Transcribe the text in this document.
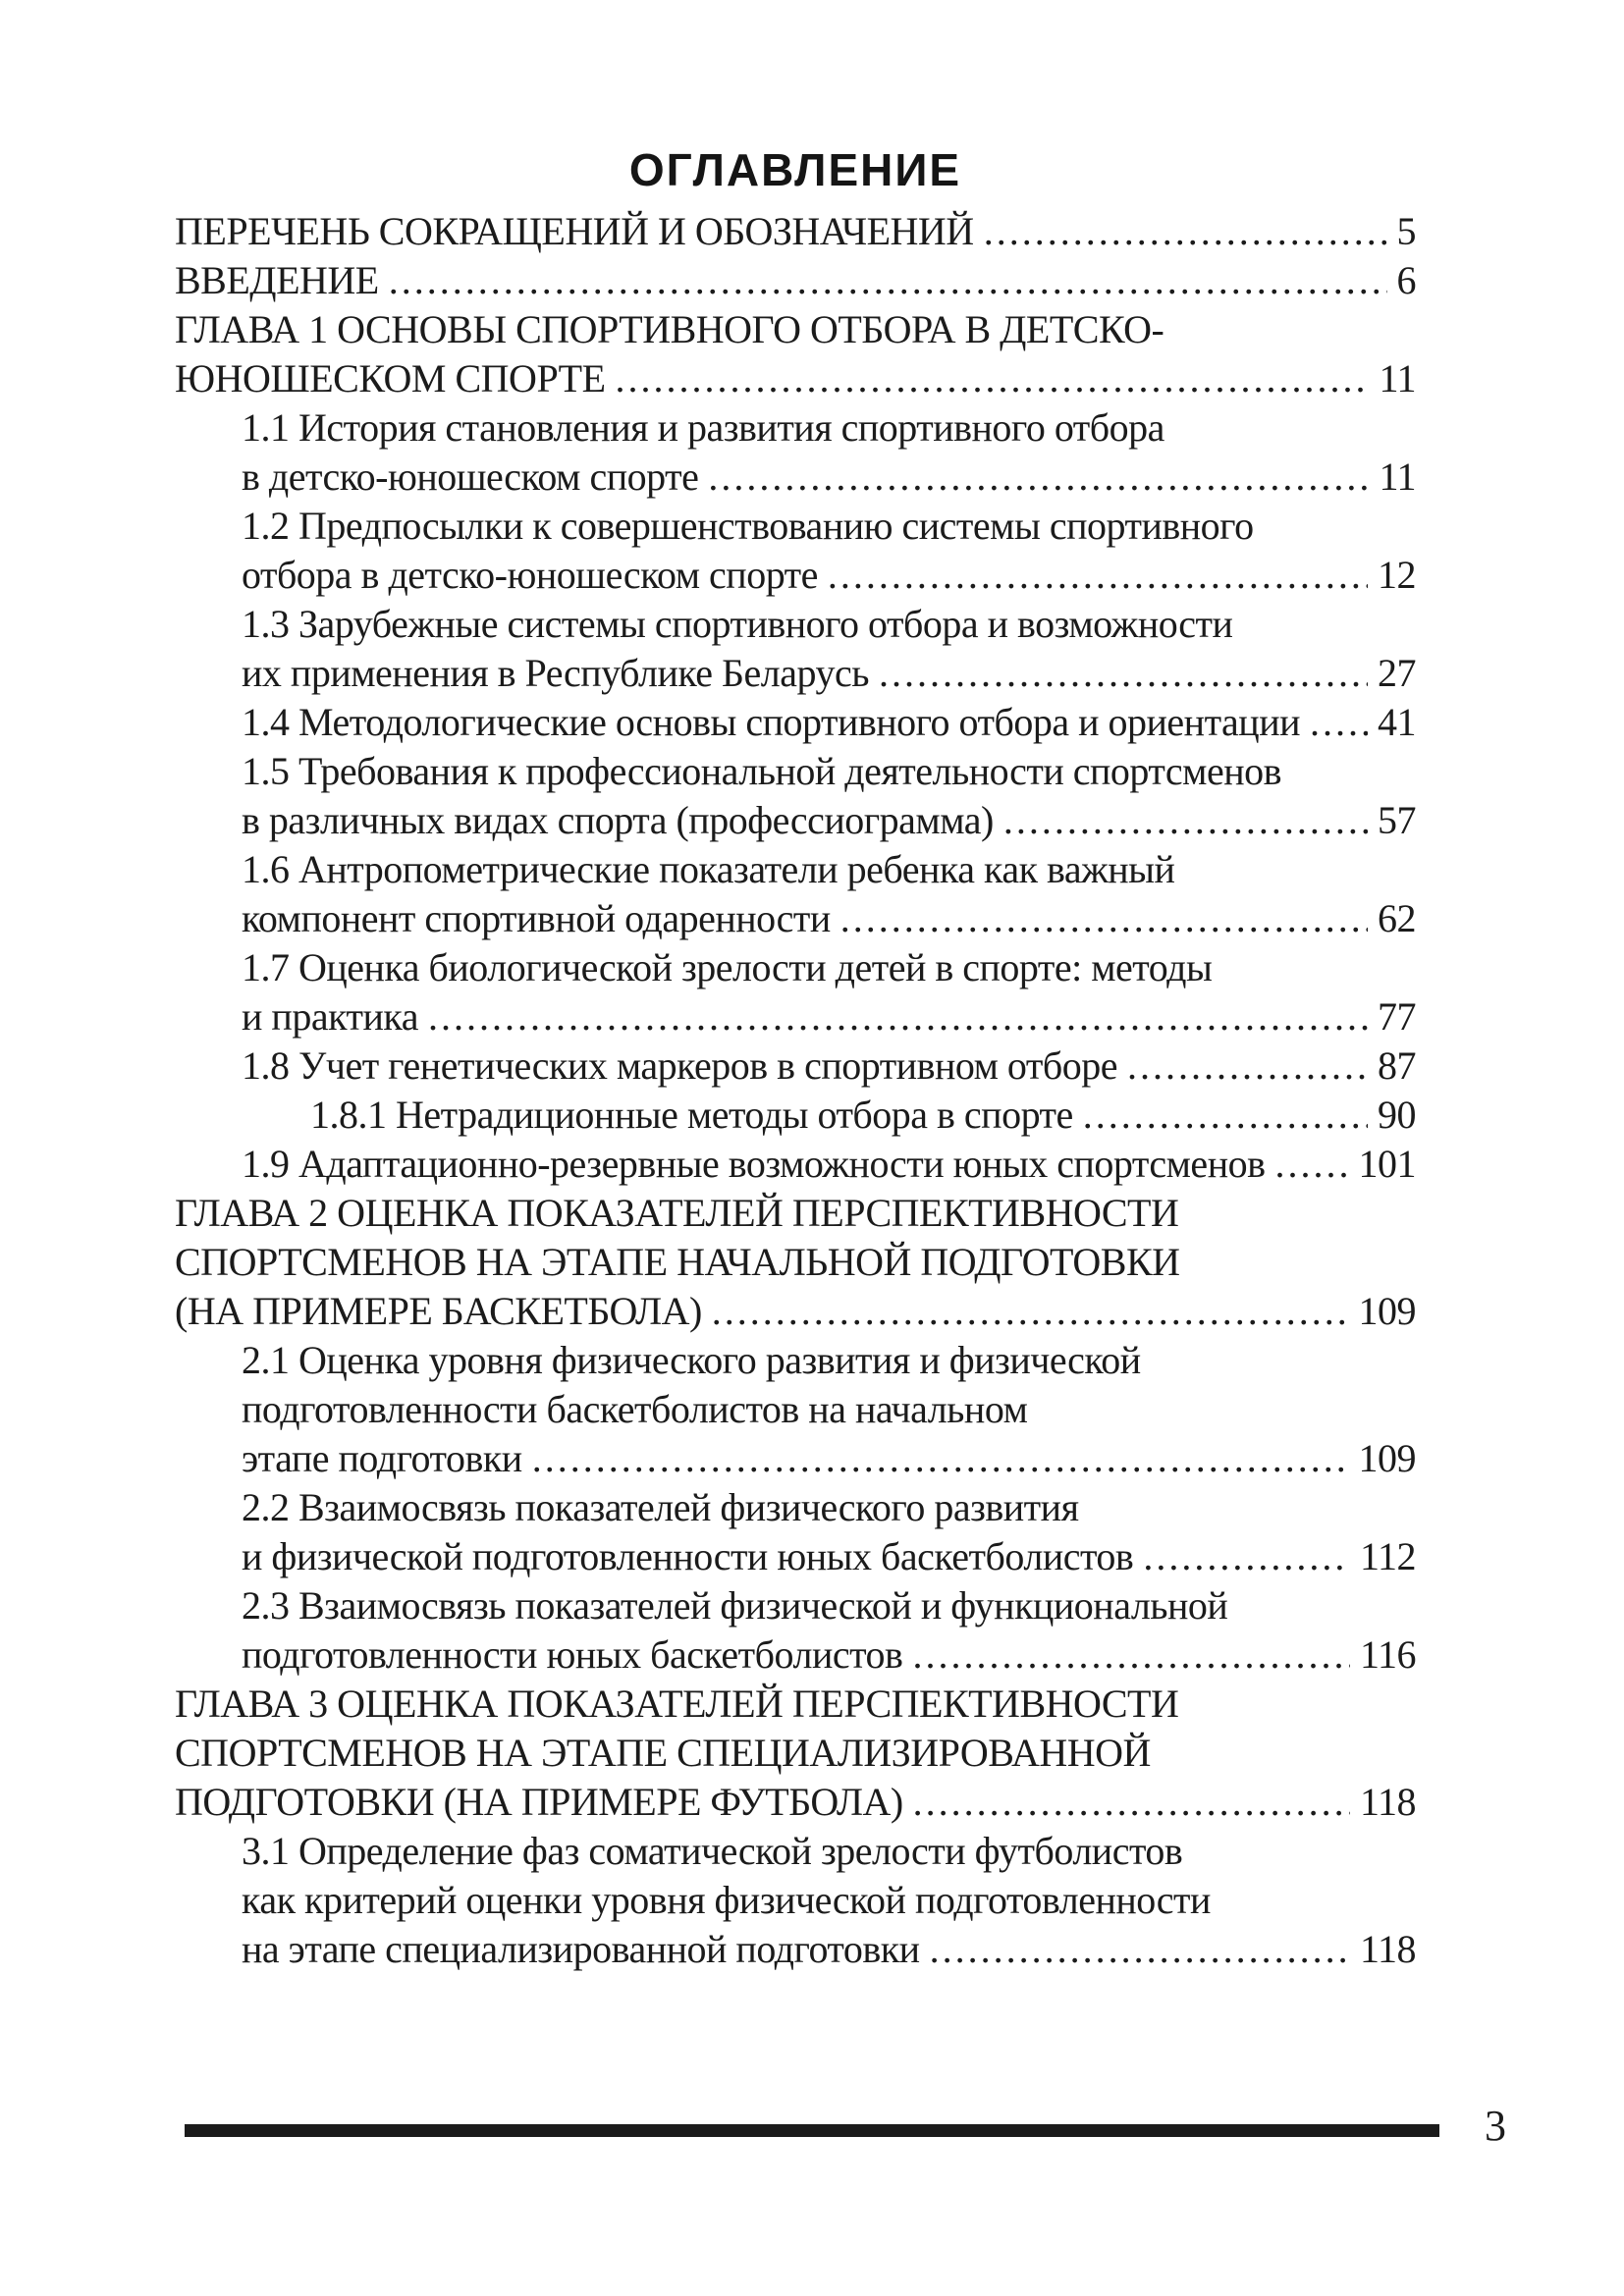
ОГЛАВЛЕНИЕ
ПЕРЕЧЕНЬ СОКРАЩЕНИЙ И ОБОЗНАЧЕНИЙ .....	5
ВВЕДЕНИЕ .....	6
ГЛАВА 1 ОСНОВЫ СПОРТИВНОГО ОТБОРА В ДЕТСКО-
ЮНОШЕСКОМ СПОРТЕ .....	11
1.1 История становления и развития спортивного отбора
в детско-юношеском спорте .....	11
1.2 Предпосылки к совершенствованию системы спортивного
отбора в детско-юношеском спорте .....	12
1.3 Зарубежные системы спортивного отбора и возможности
их применения в Республике Беларусь .....	27
1.4 Методологические основы спортивного отбора и ориентации ..... 41
1.5 Требования к профессиональной деятельности спортсменов
в различных видах спорта (профессиограмма) .....	57
1.6 Антропометрические показатели ребенка как важный
компонент спортивной одаренности .....	62
1.7 Оценка биологической зрелости детей в спорте: методы
и практика .....	77
1.8 Учет генетических маркеров в спортивном отборе .....	87
1.8.1 Нетрадиционные методы отбора в спорте .....	90
1.9 Адаптационно-резервные возможности юных спортсменов ..... 101
ГЛАВА 2 ОЦЕНКА ПОКАЗАТЕЛЕЙ ПЕРСПЕКТИВНОСТИ
СПОРТСМЕНОВ НА ЭТАПЕ НАЧАЛЬНОЙ ПОДГОТОВКИ
(НА ПРИМЕРЕ БАСКЕТБОЛА) .....	109
2.1 Оценка уровня физического развития и физической
подготовленности баскетболистов на начальном
этапе подготовки .....	109
2.2 Взаимосвязь показателей физического развития
и физической подготовленности юных баскетболистов .....	112
2.3 Взаимосвязь показателей физической и функциональной
подготовленности юных баскетболистов .....	116
ГЛАВА 3 ОЦЕНКА ПОКАЗАТЕЛЕЙ ПЕРСПЕКТИВНОСТИ
СПОРТСМЕНОВ НА ЭТАПЕ СПЕЦИАЛИЗИРОВАННОЙ
ПОДГОТОВКИ (НА ПРИМЕРЕ ФУТБОЛА) .....	118
3.1 Определение фаз соматической зрелости футболистов
как критерий оценки уровня физической подготовленности
на этапе специализированной подготовки .....	118
3
